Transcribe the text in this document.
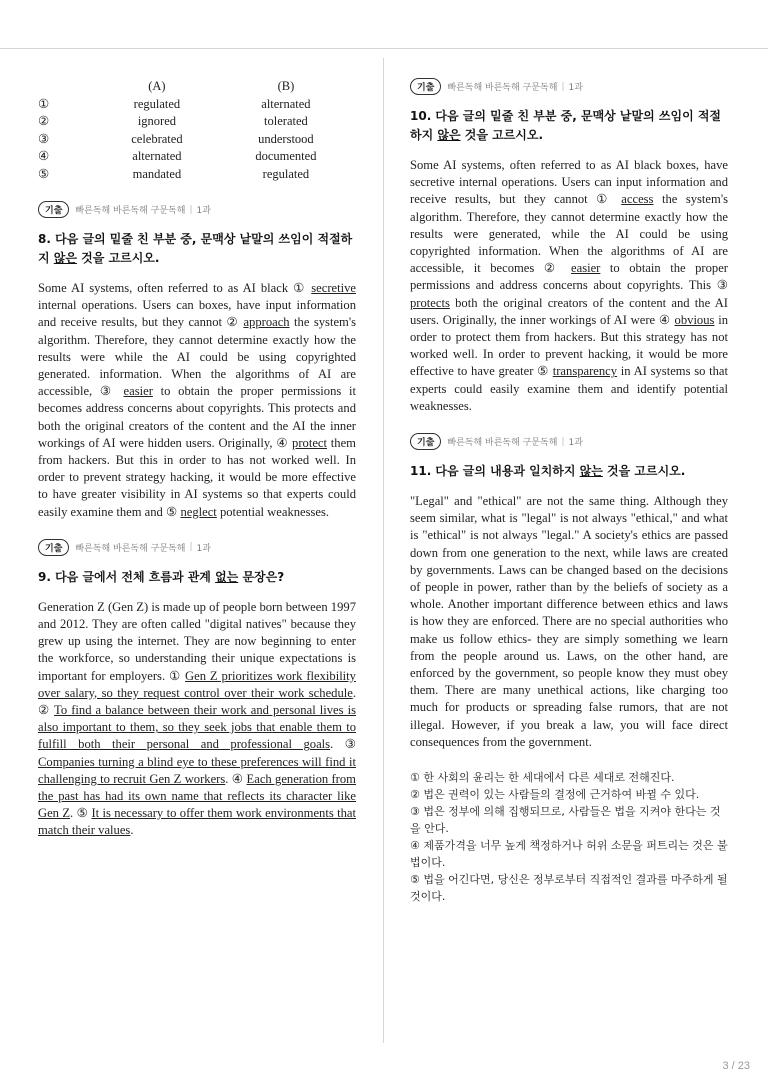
	(A)	(B)
①	regulated	alternated
②	ignored	tolerated
③	celebrated	understood
④	alternated	documented
⑤	mandated	regulated
기출	빠른독해 바른독해 구문독해 | 1과

8. 다음 글의 밑줄 친 부분 중, 문맥상 낱말의 쓰임이 적절하지 않은 것을 고르시오.

Some AI systems, often referred to as AI black ① secretive internal operations. Users can boxes, have input information and receive results, but they cannot ② approach the system's algorithm. Therefore, they cannot determine exactly how the results were while the AI could be using copyrighted generated. information. When the algorithms of AI are accessible, ③ easier to obtain the proper permissions it becomes address concerns about copyrights. This protects and both the original creators of the content and the AI the inner workings of AI were hidden users. Originally, ④ protect them from hackers. But this in order to has not worked well. In order to prevent strategy hacking, it would be more effective to have greater visibility in AI systems so that experts could easily examine them and ⑤ neglect potential weaknesses.

기출	빠른독해 바른독해 구문독해 | 1과

9. 다음 글에서 전체 흐름과 관계 없는 문장은?

Generation Z (Gen Z) is made up of people born between 1997 and 2012. They are often called "digital natives" because they grew up using the internet. They are now beginning to enter the workforce, so understanding their unique expectations is important for employers. ① Gen Z prioritizes work flexibility over salary, so they request control over their work schedule. ② To find a balance between their work and personal lives is also important to them, so they seek jobs that enable them to fulfill both their personal and professional goals. ③ Companies turning a blind eye to these preferences will find it challenging to recruit Gen Z workers. ④ Each generation from the past has had its own name that reflects its character like Gen Z. ⑤ It is necessary to offer them work environments that match their values.

기출	빠른독해 바른독해 구문독해 | 1과

10. 다음 글의 밑줄 친 부분 중, 문맥상 낱말의 쓰임이 적절하지 않은 것을 고르시오.

Some AI systems, often referred to as AI black boxes, have secretive internal operations. Users can input information and receive results, but they cannot ① access the system's algorithm. Therefore, they cannot determine exactly how the results were generated, while the AI could be using copyrighted information. When the algorithms of AI are accessible, it becomes ② easier to obtain the proper permissions and address concerns about copyrights. This ③ protects both the original creators of the content and the AI users. Originally, the inner workings of AI were ④ obvious in order to protect them from hackers. But this strategy has not worked well. In order to prevent hacking, it would be more effective to have greater ⑤ transparency in AI systems so that experts could easily examine them and identify potential weaknesses.

기출	빠른독해 바른독해 구문독해 | 1과

11. 다음 글의 내용과 일치하지 않는 것을 고르시오.

"Legal" and "ethical" are not the same thing. Although they seem similar, what is "legal" is not always "ethical," and what is "ethical" is not always "legal." A society's ethics are passed down from one generation to the next, while laws are created by governments. Laws can be changed based on the decisions of people in power, rather than by the beliefs of society as a whole. Another important difference between ethics and laws is how they are enforced. There are no special authorities who make us follow ethics- they are simply something we learn from the people around us. Laws, on the other hand, are enforced by the government, so people know they must obey them. There are many unethical actions, like charging too much for products or spreading false rumors, that are not illegal. However, if you break a law, you will face direct consequences from the government.

① 한 사회의 윤리는 한 세대에서 다른 세대로 전해진다.
② 법은 권력이 있는 사람들의 결정에 근거하여 바뀔 수 있다.
③ 법은 정부에 의해 집행되므로, 사람들은 법을 지켜야 한다는 것을 안다.
④ 제품가격을 너무 높게 책정하거나 허위 소문을 퍼트리는 것은 불법이다.
⑤ 법을 어긴다면, 당신은 정부로부터 직접적인 결과를 마주하게 될 것이다.
3 / 23
